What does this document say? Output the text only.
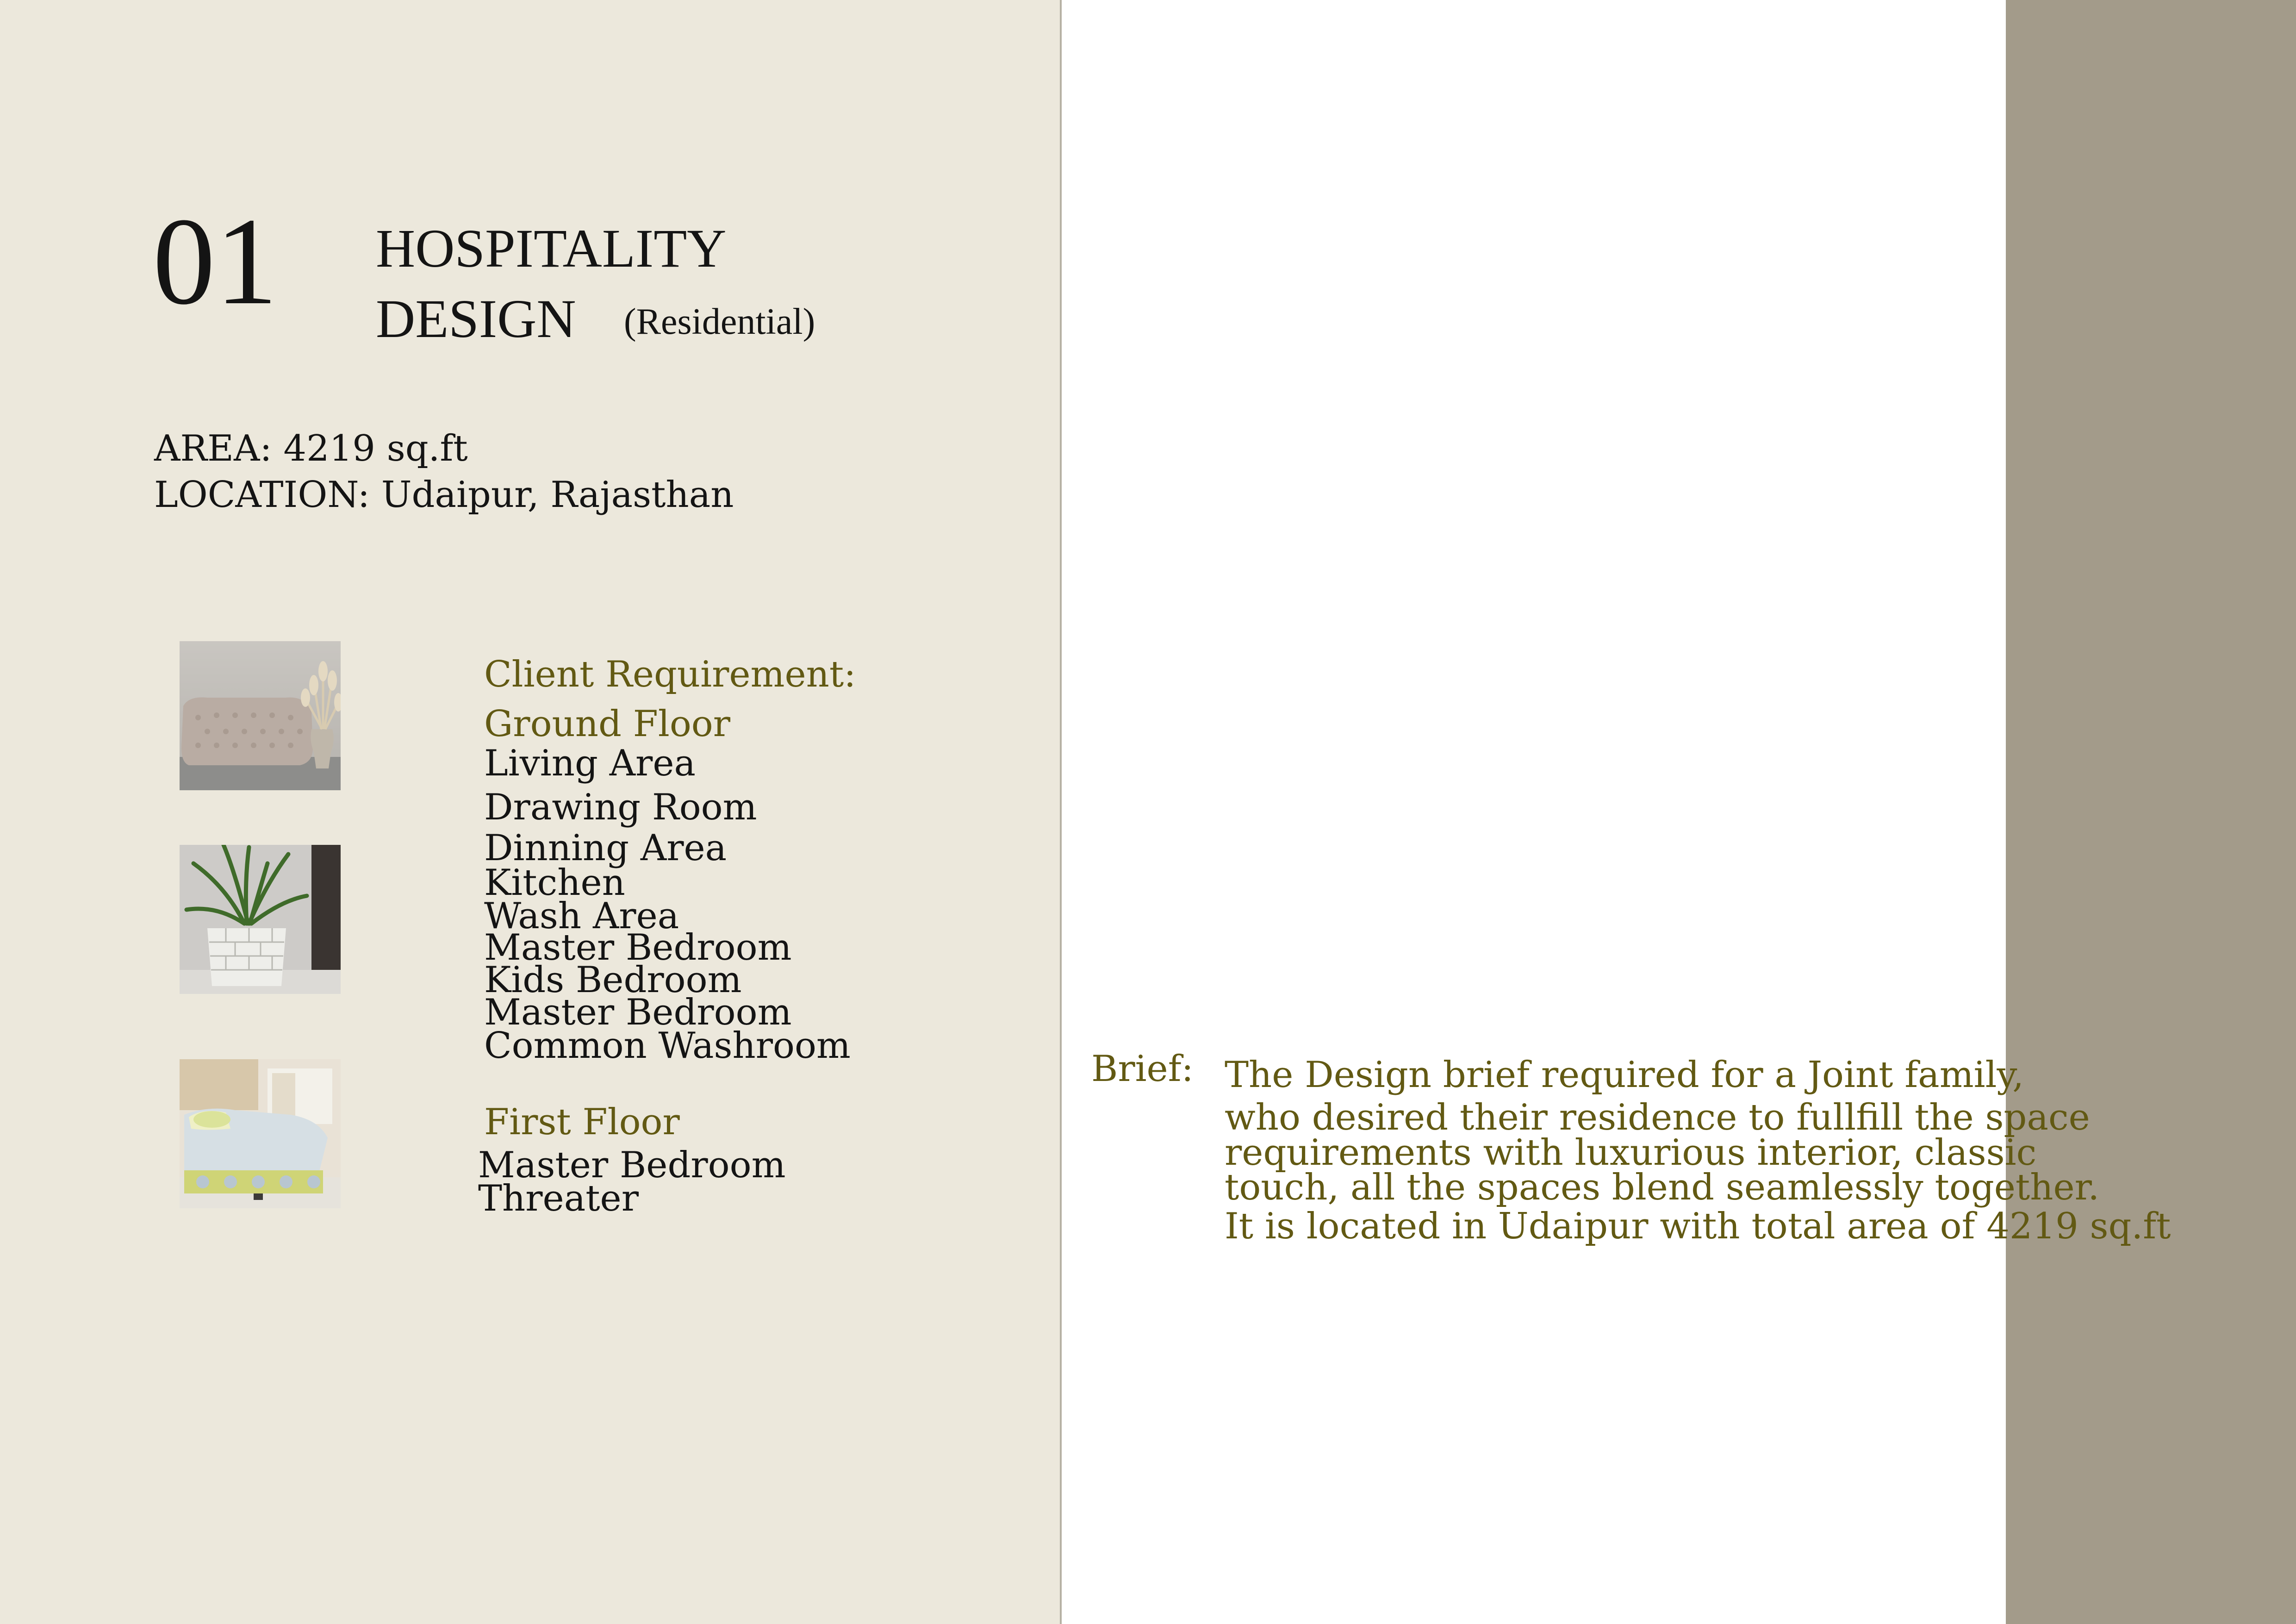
01 HOSPITALITY
DESIGN (Residential)
AREA: 4219 sq.ft
LOCATION: Udaipur, Rajasthan
Client Requirement:
Ground Floor
Living Area
Drawing Room
Dinning Area
Kitchen
Wash Area
Master Bedroom
Kids Bedroom
Master Bedroom
Common Washroom
First Floor
Master Bedroom
Threater
Brief: The Design brief required for a Joint family,
who desired their residence to fullfill the space
requirements with luxurious interior, classic
touch, all the spaces blend seamlessly together.
It is located in Udaipur with total area of 4219 sq.ft
